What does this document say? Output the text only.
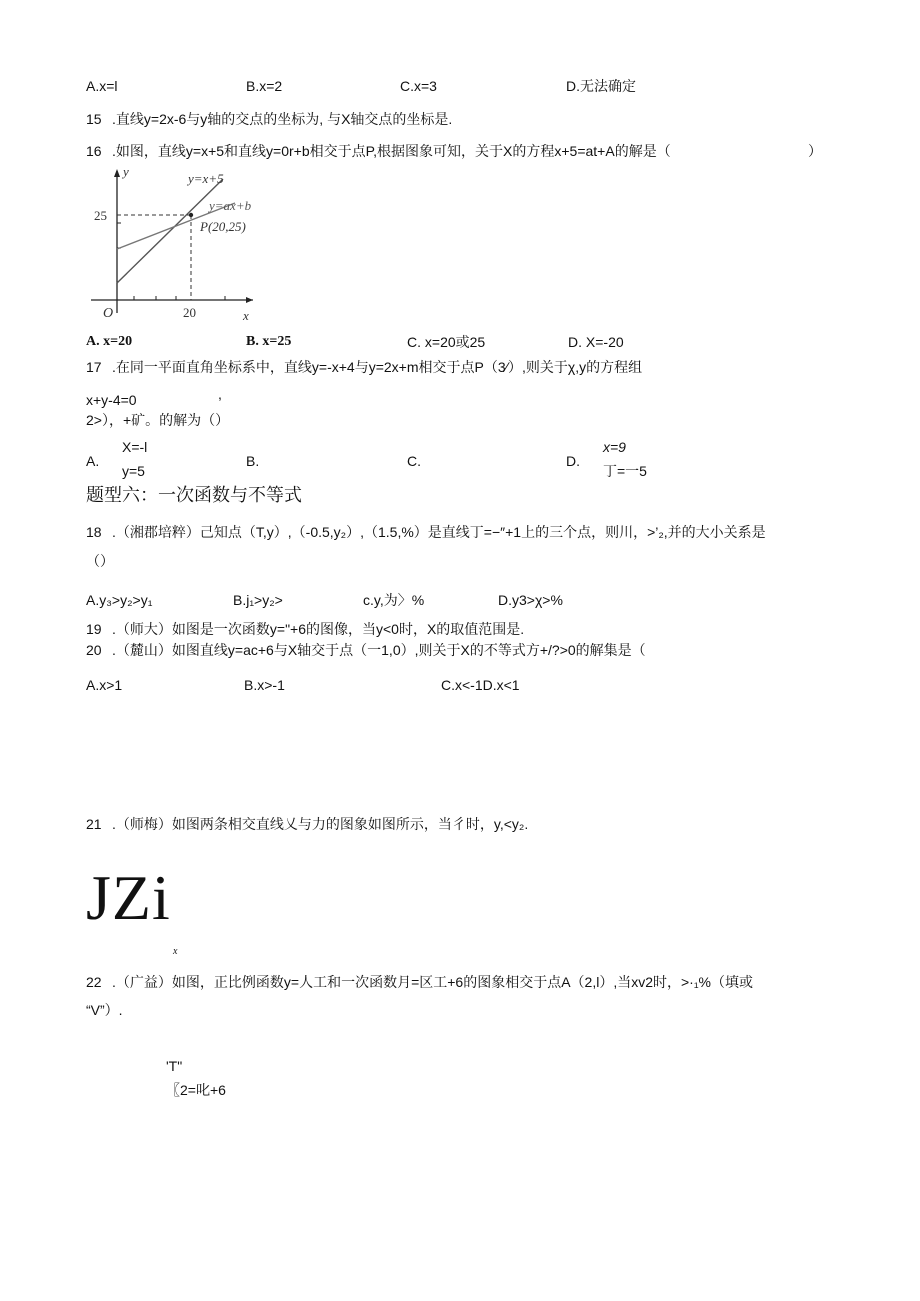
A.x=l	B.x=2	C.x=3	D.无法确定
15 .直线y=2x-6与y轴的交点的坐标为, 与X轴交点的坐标是.
16 .如图，直线y=x+5和直线y=0r+b相交于点P,根据图象可知，关于X的方程x+5=at+A的解是（	）
y=x+5
y=ax+b
P(20,25)
25
20
O	x
y
A. x=20	B. x=25	C. x=20或25	D. X=-20
17 .在同一平面直角坐标系中，直线y=-x+4与y=2x+m相交于点P（3∕）,则关于χ,y的方程组
x+y-4=0	,
2>），+矿。的解为（）
A.
X=-l
y=5
B.	C.	D.
x=9
丁=一5
题型六：一次函数与不等式
18 .（湘郡培粹）己知点（T,y）,（-0.5,y₂）,（1.5,%）是直线丁=−″+1上的三个点，则川，>’₂,并的大小关系是
（）
A.y₃>y₂>y₁	B.j₁>y₂>	c.y,为〉%	D.y3>χ>%
19 .（师大）如图是一次函数y="+6的图像，当y<0时，X的取值范围是.
20 .（麓山）如图直线y=ac+6与X轴交于点（一1,0）,则关于X的不等式方+/?>0的解集是（
A.x>1	B.x>-1	C.x<-1D.x<1
21 .（师梅）如图两条相交直线乂与力的图象如图所示，当彳时，y,<y₂.
JZi
x
22 .（广益）如图，正比例函数y=人工和一次函数月=区工+6的图象相交于点A（2,l）,当xv2时，>·₁%（填或
“V”）.
'T"
〖2=叱+6
